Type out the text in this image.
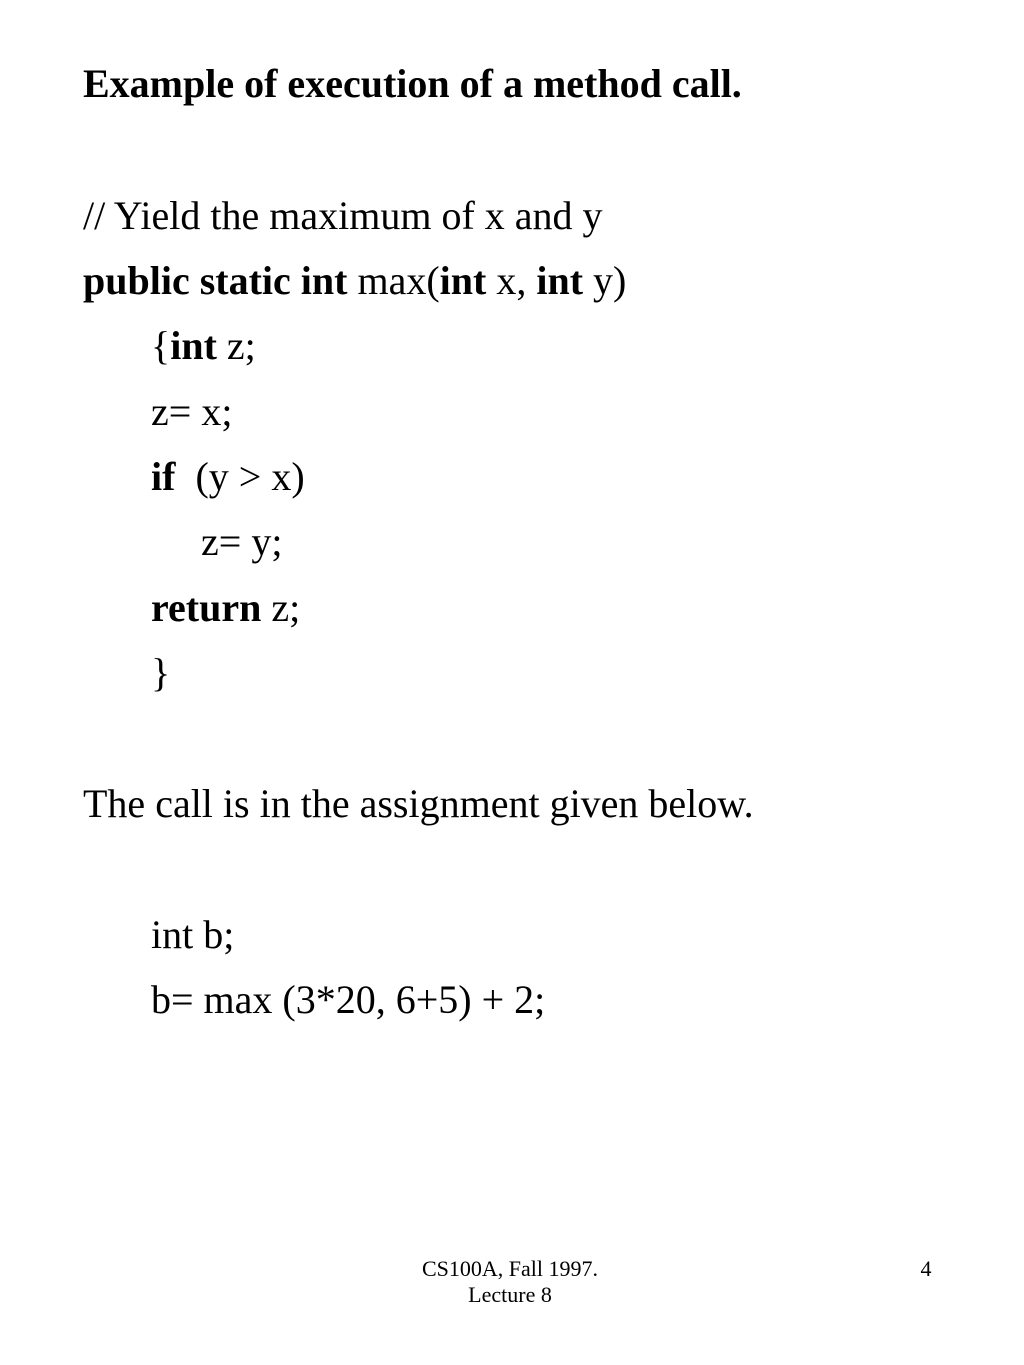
Example of execution of a method call.
// Yield the maximum of x and y
public static int max(int x, int y)
{int z;
z= x;
if (y > x)
z= y;
return z;
}
The call is in the assignment given below.
int b;
b= max (3*20, 6+5) + 2;
CS100A, Fall 1997.
Lecture 8
4
